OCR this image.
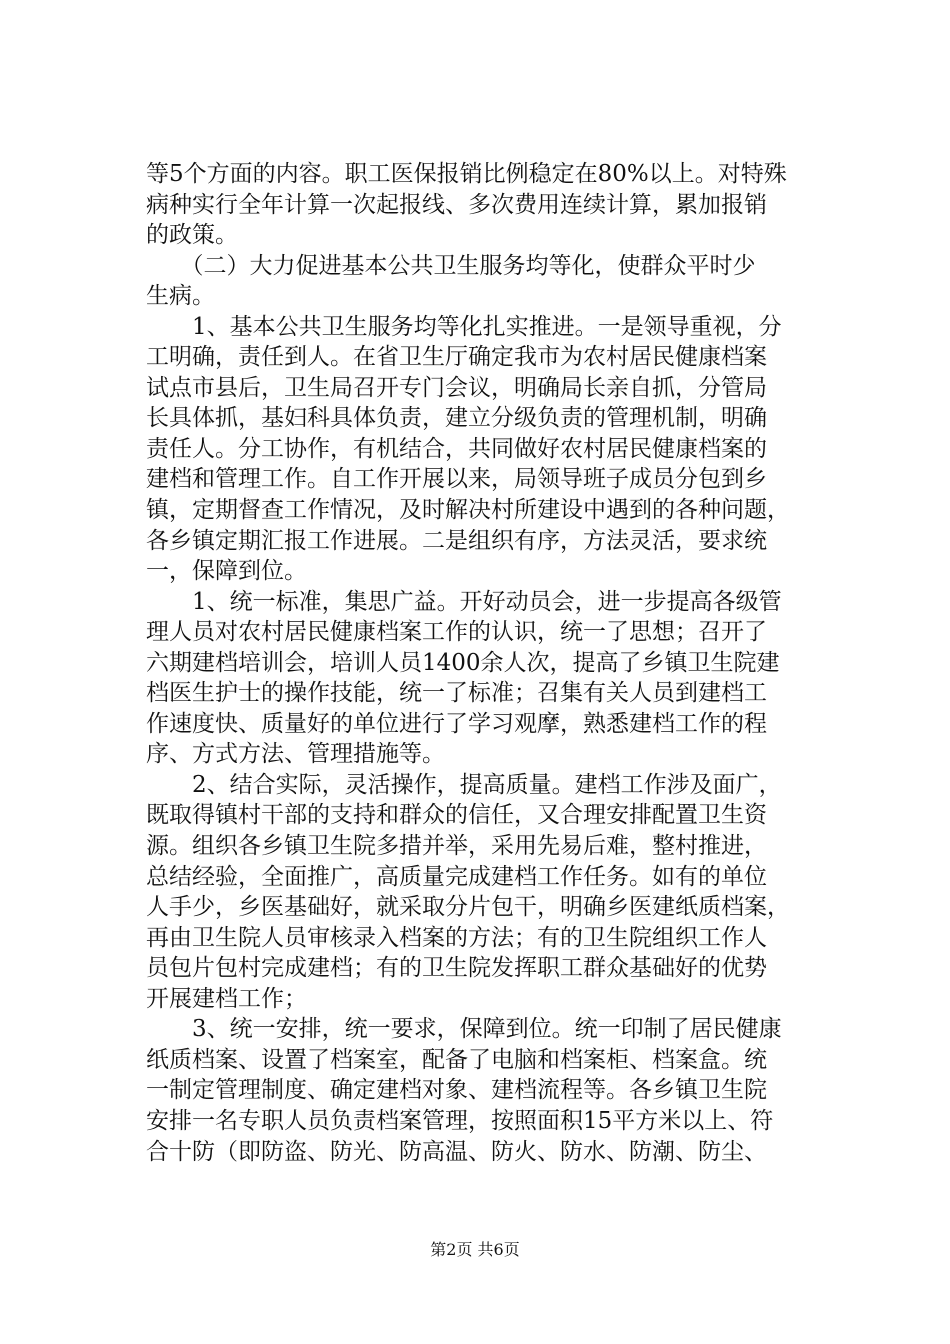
等5个方面的内容。职工医保报销比例稳定在80%以上。对特殊
病种实行全年计算一次起报线、多次费用连续计算，累加报销
的政策。
　　（二）大力促进基本公共卫生服务均等化，使群众平时少
生病。
　　1、基本公共卫生服务均等化扎实推进。一是领导重视，分
工明确，责任到人。在省卫生厅确定我市为农村居民健康档案
试点市县后，卫生局召开专门会议，明确局长亲自抓，分管局
长具体抓，基妇科具体负责，建立分级负责的管理机制，明确
责任人。分工协作，有机结合，共同做好农村居民健康档案的
建档和管理工作。自工作开展以来，局领导班子成员分包到乡
镇，定期督查工作情况，及时解决村所建设中遇到的各种问题，
各乡镇定期汇报工作进展。二是组织有序，方法灵活，要求统
一，保障到位。
　　1、统一标准，集思广益。开好动员会，进一步提高各级管
理人员对农村居民健康档案工作的认识，统一了思想；召开了
六期建档培训会，培训人员1400余人次，提高了乡镇卫生院建
档医生护士的操作技能，统一了标准；召集有关人员到建档工
作速度快、质量好的单位进行了学习观摩，熟悉建档工作的程
序、方式方法、管理措施等。
　　2、结合实际，灵活操作，提高质量。建档工作涉及面广，
既取得镇村干部的支持和群众的信任，又合理安排配置卫生资
源。组织各乡镇卫生院多措并举，采用先易后难，整村推进，
总结经验，全面推广，高质量完成建档工作任务。如有的单位
人手少，乡医基础好，就采取分片包干，明确乡医建纸质档案，
再由卫生院人员审核录入档案的方法；有的卫生院组织工作人
员包片包村完成建档；有的卫生院发挥职工群众基础好的优势
开展建档工作；
　　3、统一安排，统一要求，保障到位。统一印制了居民健康
纸质档案、设置了档案室，配备了电脑和档案柜、档案盒。统
一制定管理制度、确定建档对象、建档流程等。各乡镇卫生院
安排一名专职人员负责档案管理，按照面积15平方米以上、符
合十防（即防盗、防光、防高温、防火、防水、防潮、防尘、
第2页 共6页
